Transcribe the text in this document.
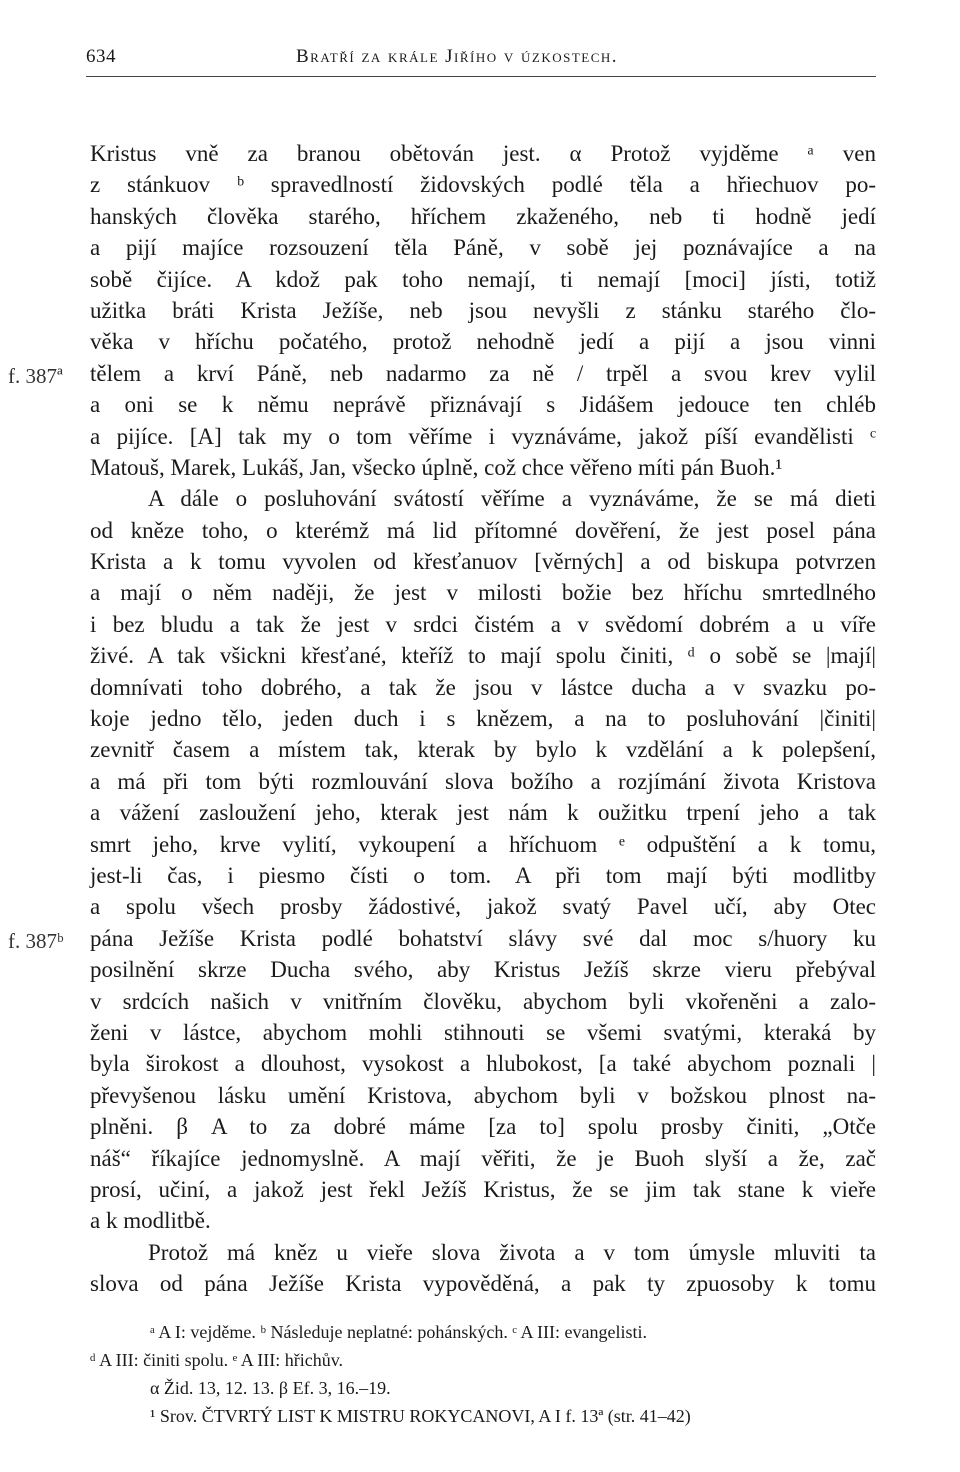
634	Bratří za krále Jiřího v úzkostech.
f. 387ª
f. 387ᵇ
Kristus vně za branou obětován jest. α Protož vyjděme ᵃ ven
z stánkuov ᵇ spravedlností židovských podlé těla a hřiechuov po-
hanských člověka starého, hříchem zkaženého, neb ti hodně jedí
a pijí majíce rozsouzení těla Páně, v sobě jej poznávajíce a na
sobě čijíce. A kdož pak toho nemají, ti nemají [moci] jísti, totiž
užitka bráti Krista Ježíše, neb jsou nevyšli z stánku starého člo-
věka v hříchu počatého, protož nehodně jedí a pijí a jsou vinni
tělem a krví Páně, neb nadarmo za ně / trpěl a svou krev vylil
a oni se k němu neprávě přiznávají s Jidášem jedouce ten chléb
a pijíce. [A] tak my o tom věříme i vyznáváme, jakož píší evandělisti ᶜ
Matouš, Marek, Lukáš, Jan, všecko úplně, což chce věřeno míti pán Buoh.¹
A dále o posluhování svátostí věříme a vyznáváme, že se má dieti
od kněze toho, o kterémž má lid přítomné dověření, že jest posel pána
Krista a k tomu vyvolen od křesťanuov [věrných] a od biskupa potvrzen
a mají o něm naději, že jest v milosti božie bez hříchu smrtedlného
i bez bludu a tak že jest v srdci čistém a v svědomí dobrém a u víře
živé. A tak všickni křesťané, kteříž to mají spolu činiti, ᵈ o sobě se |mají|
domnívati toho dobrého, a tak že jsou v lástce ducha a v svazku po-
koje jedno tělo, jeden duch i s knězem, a na to posluhování |činiti|
zevnitř časem a místem tak, kterak by bylo k vzdělání a k polepšení,
a má při tom býti rozmlouvání slova božího a rozjímání života Kristova
a vážení zasloužení jeho, kterak jest nám k oužitku trpení jeho a tak
smrt jeho, krve vylití, vykoupení a hříchuom ᵉ odpuštění a k tomu,
jest-li čas, i piesmo čísti o tom. A při tom mají býti modlitby
a spolu všech prosby žádostivé, jakož svatý Pavel učí, aby Otec
pána Ježíše Krista podlé bohatství slávy své dal moc s/huory ku
posilnění skrze Ducha svého, aby Kristus Ježíš skrze vieru přebýval
v srdcích našich v vnitřním člověku, abychom byli vkořeněni a zalo-
ženi v lástce, abychom mohli stihnouti se všemi svatými, kteraká by
byla širokost a dlouhost, vysokost a hlubokost, [a také abychom poznali |
převyšenou lásku umění Kristova, abychom byli v božskou plnost na-
plněni. β A to za dobré máme [za to] spolu prosby činiti, „Otče
náš“ říkajíce jednomyslně. A mají věřiti, že je Buoh slyší a že, zač
prosí, učiní, a jakož jest řekl Ježíš Kristus, že se jim tak stane k vieře
a k modlitbě.
Protož má kněz u vieře slova života a v tom úmysle mluviti ta
slova od pána Ježíše Krista vypověděná, a pak ty zpuosoby k tomu
ᵃ A I: vejděme. ᵇ Následuje neplatné: pohánských. ᶜ A III: evangelisti.
ᵈ A III: činiti spolu. ᵉ A III: hřichův.
α Žid. 13, 12. 13. β Ef. 3, 16.–19.
¹ Srov. ČTVRTÝ LIST K MISTRU ROKYCANOVI, A I f. 13ª (str. 41–42)
